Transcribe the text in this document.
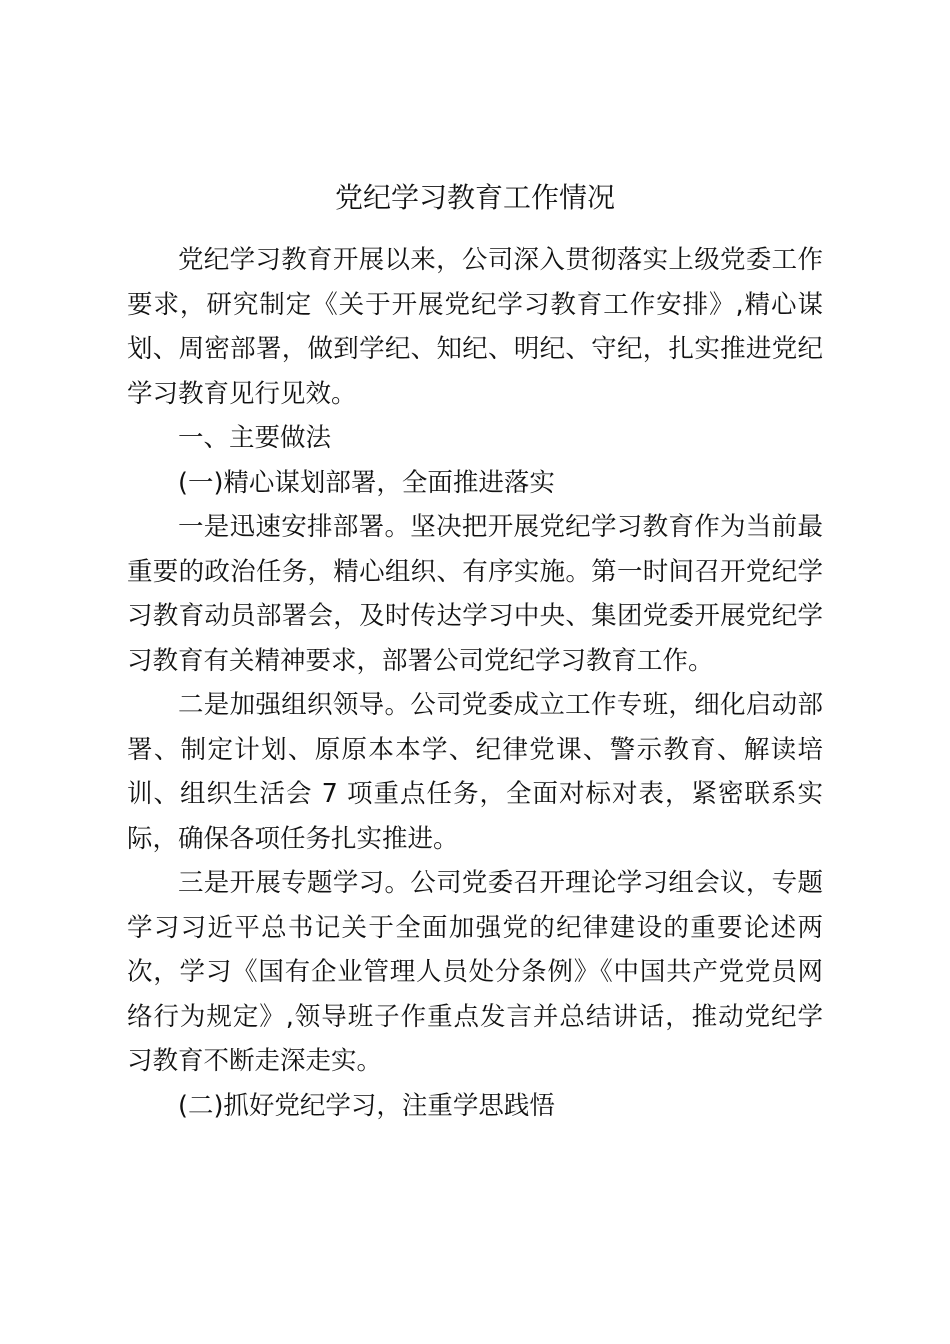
党纪学习教育工作情况

党纪学习教育开展以来，公司深入贯彻落实上级党委工作要求，研究制定《关于开展党纪学习教育工作安排》,精心谋划、周密部署，做到学纪、知纪、明纪、守纪，扎实推进党纪学习教育见行见效。

一、主要做法

(一)精心谋划部署，全面推进落实

一是迅速安排部署。坚决把开展党纪学习教育作为当前最重要的政治任务，精心组织、有序实施。第一时间召开党纪学习教育动员部署会，及时传达学习中央、集团党委开展党纪学习教育有关精神要求，部署公司党纪学习教育工作。

二是加强组织领导。公司党委成立工作专班，细化启动部署、制定计划、原原本本学、纪律党课、警示教育、解读培训、组织生活会 7 项重点任务，全面对标对表，紧密联系实际，确保各项任务扎实推进。

三是开展专题学习。公司党委召开理论学习组会议，专题学习习近平总书记关于全面加强党的纪律建设的重要论述两次，学习《国有企业管理人员处分条例》《中国共产党党员网络行为规定》,领导班子作重点发言并总结讲话，推动党纪学习教育不断走深走实。

(二)抓好党纪学习，注重学思践悟
